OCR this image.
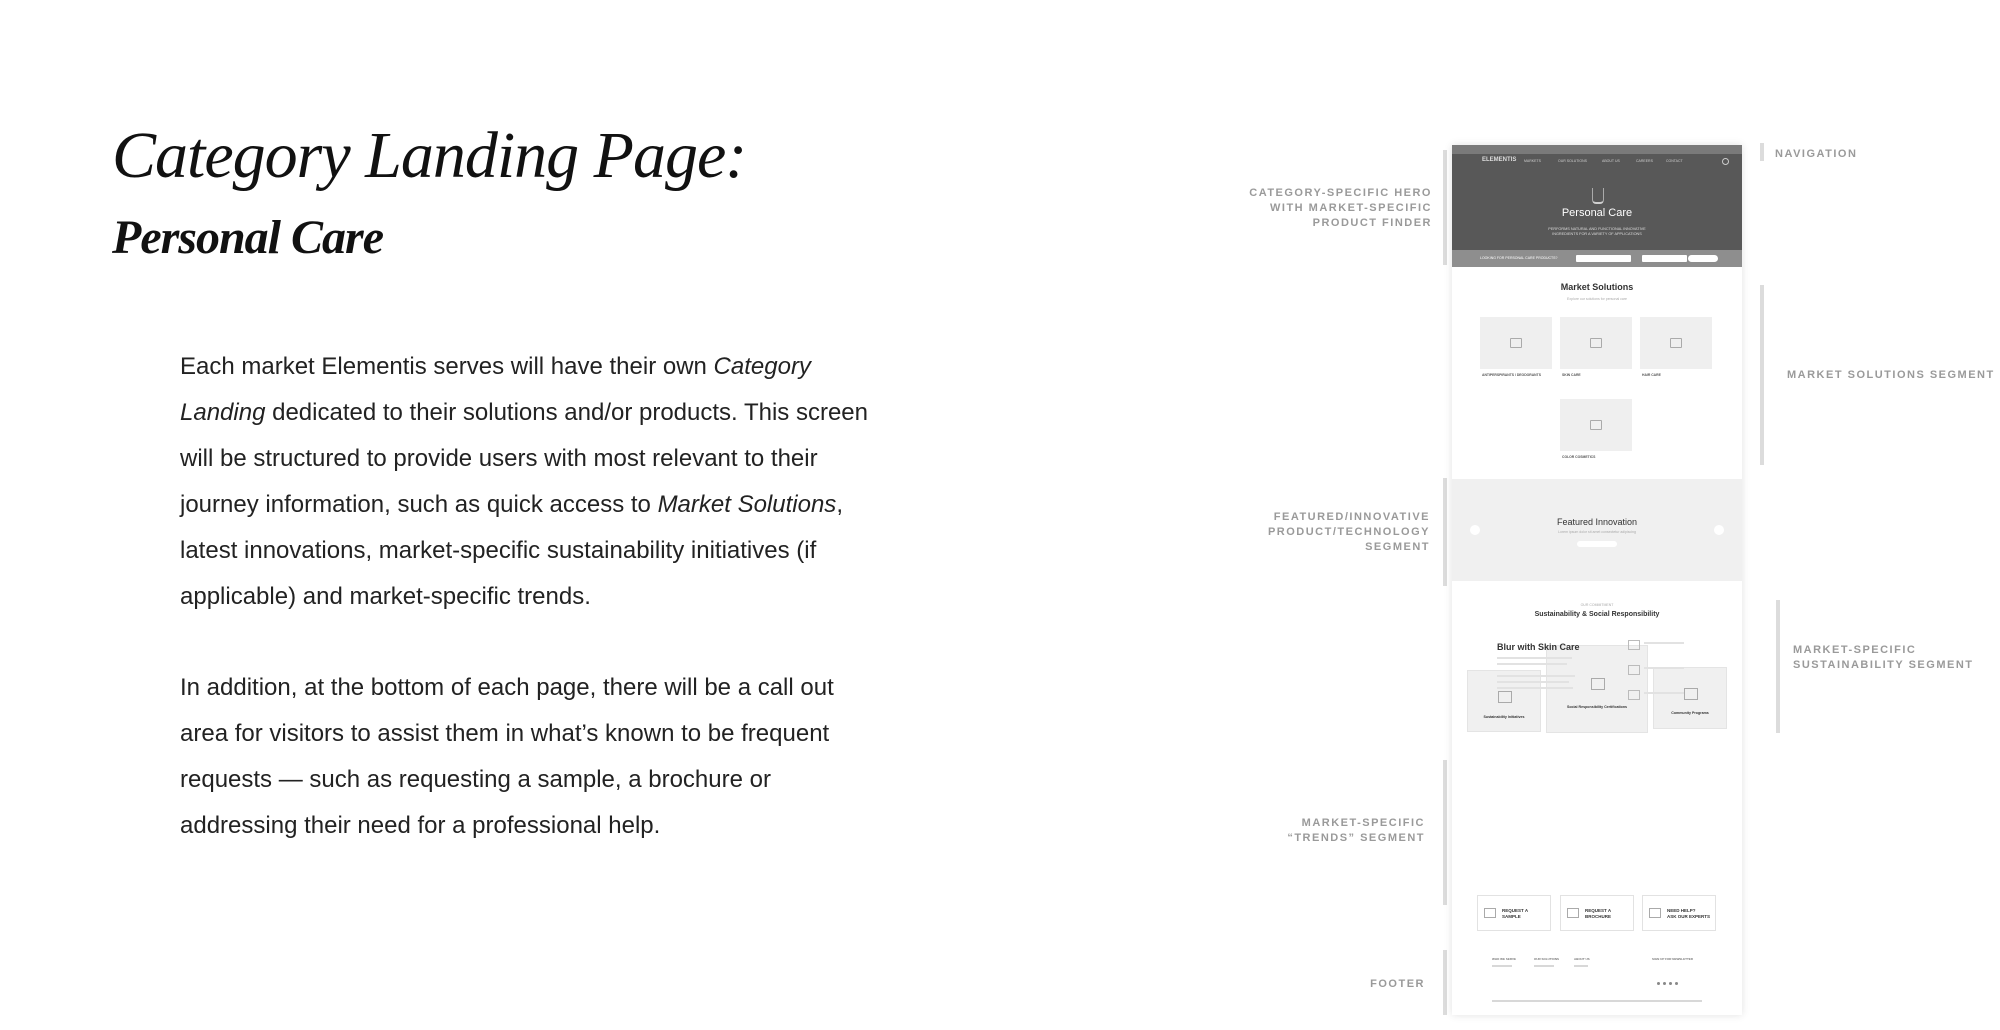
Category Landing Page:
Personal Care

Each market Elementis serves will have their own Category Landing dedicated to their solutions and/or products. This screen will be structured to provide users with most relevant to their journey information, such as quick access to Market Solutions, latest innovations, market-specific sustainability initiatives (if applicable) and market-specific trends.

In addition, at the bottom of each page, there will be a call out area for visitors to assist them in what’s known to be frequent requests — such as requesting a sample, a brochure or addressing their need for a professional help.

NAVIGATION
CATEGORY-SPECIFIC HERO
WITH MARKET-SPECIFIC
PRODUCT FINDER
MARKET SOLUTIONS SEGMENT
FEATURED/INNOVATIVE
PRODUCT/TECHNOLOGY
SEGMENT
MARKET-SPECIFIC
SUSTAINABILITY SEGMENT
MARKET-SPECIFIC
“TRENDS” SEGMENT
FOOTER
ELEMENTIS MARKETS	OUR SOLUTIONS	ABOUT US	CAREERS	CONTACT
Personal Care
PERFORMS NATURAL AND FUNCTIONAL INNOVATIVE
INGREDIENTS FOR A VARIETY OF APPLICATIONS
LOOKING FOR PERSONAL CARE PRODUCTS?
Market Solutions
Explore our solutions for personal care
ANTIPERSPIRANTS / DEODORANTS	SKIN CARE	HAIR CARE
COLOR COSMETICS
Featured Innovation
Lorem ipsum dolor sit amet consectetur adipiscing
OUR COMMITMENT
Sustainability & Social Responsibility
Sustainability Initiatives
Social Responsibility Certifications
Community Programs
Blur with Skin Care
REQUEST A
SAMPLE
REQUEST A
BROCHURE
NEED HELP?
ASK OUR EXPERTS
WHO WE SERVE	OUR SOLUTIONS	ABOUT US	SIGN UP FOR NEWSLETTER
